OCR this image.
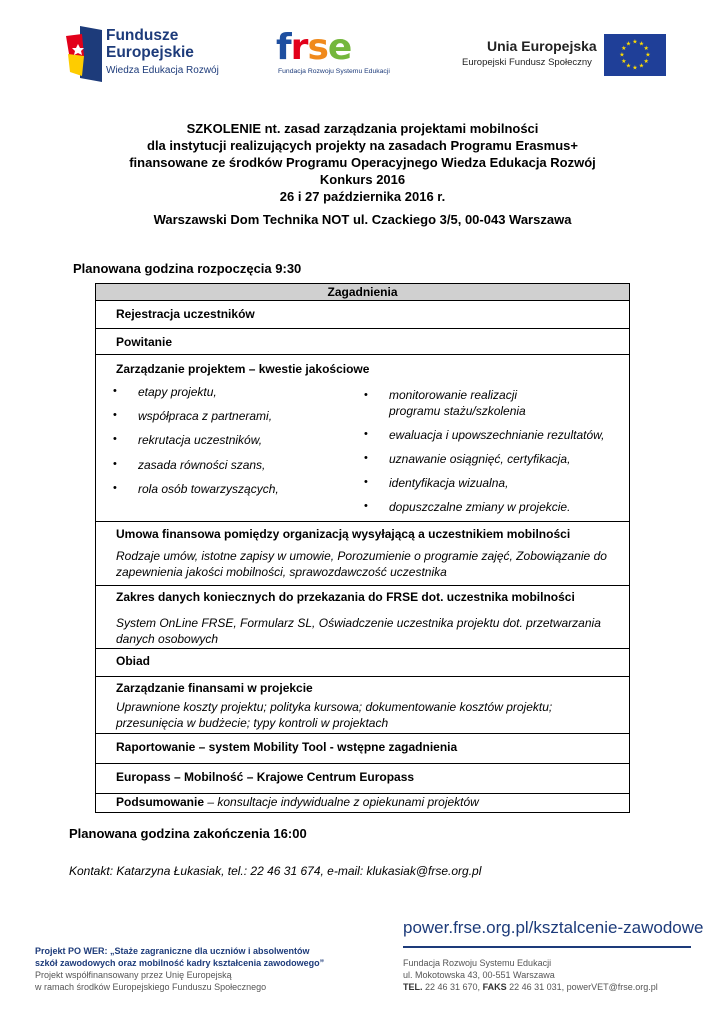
Fundusze
Europejskie
Wiedza Edukacja Rozwój
frse
Fundacja Rozwoju Systemu Edukacji
Unia Europejska
Europejski Fundusz Społeczny
★ ★
★
★
★
★
★
★
★
★
★
★
SZKOLENIE nt. zasad zarządzania projektami mobilności
dla instytucji realizujących projekty na zasadach Programu Erasmus+
finansowane ze środków Programu Operacyjnego Wiedza Edukacja Rozwój
Konkurs 2016
26 i 27 października 2016 r.
Warszawski Dom Technika NOT ul. Czackiego 3/5, 00-043 Warszawa
Planowana godzina rozpoczęcia 9:30
Zagadnienia
Rejestracja uczestników
Powitanie
Zarządzanie projektem – kwestie jakościowe
• etapy projektu,
• współpraca z partnerami,
• rekrutacja uczestników,
• zasada równości szans,
• rola osób towarzyszących,
• monitorowanie realizacji
programu stażu/szkolenia
• ewaluacja i upowszechnianie rezultatów,
• uznawanie osiągnięć, certyfikacja,
• identyfikacja wizualna,
• dopuszczalne zmiany w projekcie.
Umowa finansowa pomiędzy organizacją wysyłającą a uczestnikiem mobilności
Rodzaje umów, istotne zapisy w umowie, Porozumienie o programie zajęć, Zobowiązanie do
zapewnienia jakości mobilności, sprawozdawczość uczestnika
Zakres danych koniecznych do przekazania do FRSE dot. uczestnika mobilności
System OnLine FRSE, Formularz SL, Oświadczenie uczestnika projektu dot. przetwarzania
danych osobowych
Obiad
Zarządzanie finansami w projekcie
Uprawnione koszty projektu; polityka kursowa; dokumentowanie kosztów projektu;
przesunięcia w budżecie; typy kontroli w projektach
Raportowanie – system Mobility Tool - wstępne zagadnienia
Europass – Mobilność – Krajowe Centrum Europass
Podsumowanie – konsultacje indywidualne z opiekunami projektów
Planowana godzina zakończenia 16:00
Kontakt: Katarzyna Łukasiak, tel.: 22 46 31 674, e-mail: klukasiak@frse.org.pl
power.frse.org.pl/ksztalcenie-zawodowe
Projekt PO WER: „Staże zagraniczne dla uczniów i absolwentów
szkół zawodowych oraz mobilność kadry kształcenia zawodowego”
Projekt współfinansowany przez Unię Europejską
w ramach środków Europejskiego Funduszu Społecznego
Fundacja Rozwoju Systemu Edukacji
ul. Mokotowska 43, 00-551 Warszawa
TEL. 22 46 31 670, FAKS 22 46 31 031, powerVET@frse.org.pl
